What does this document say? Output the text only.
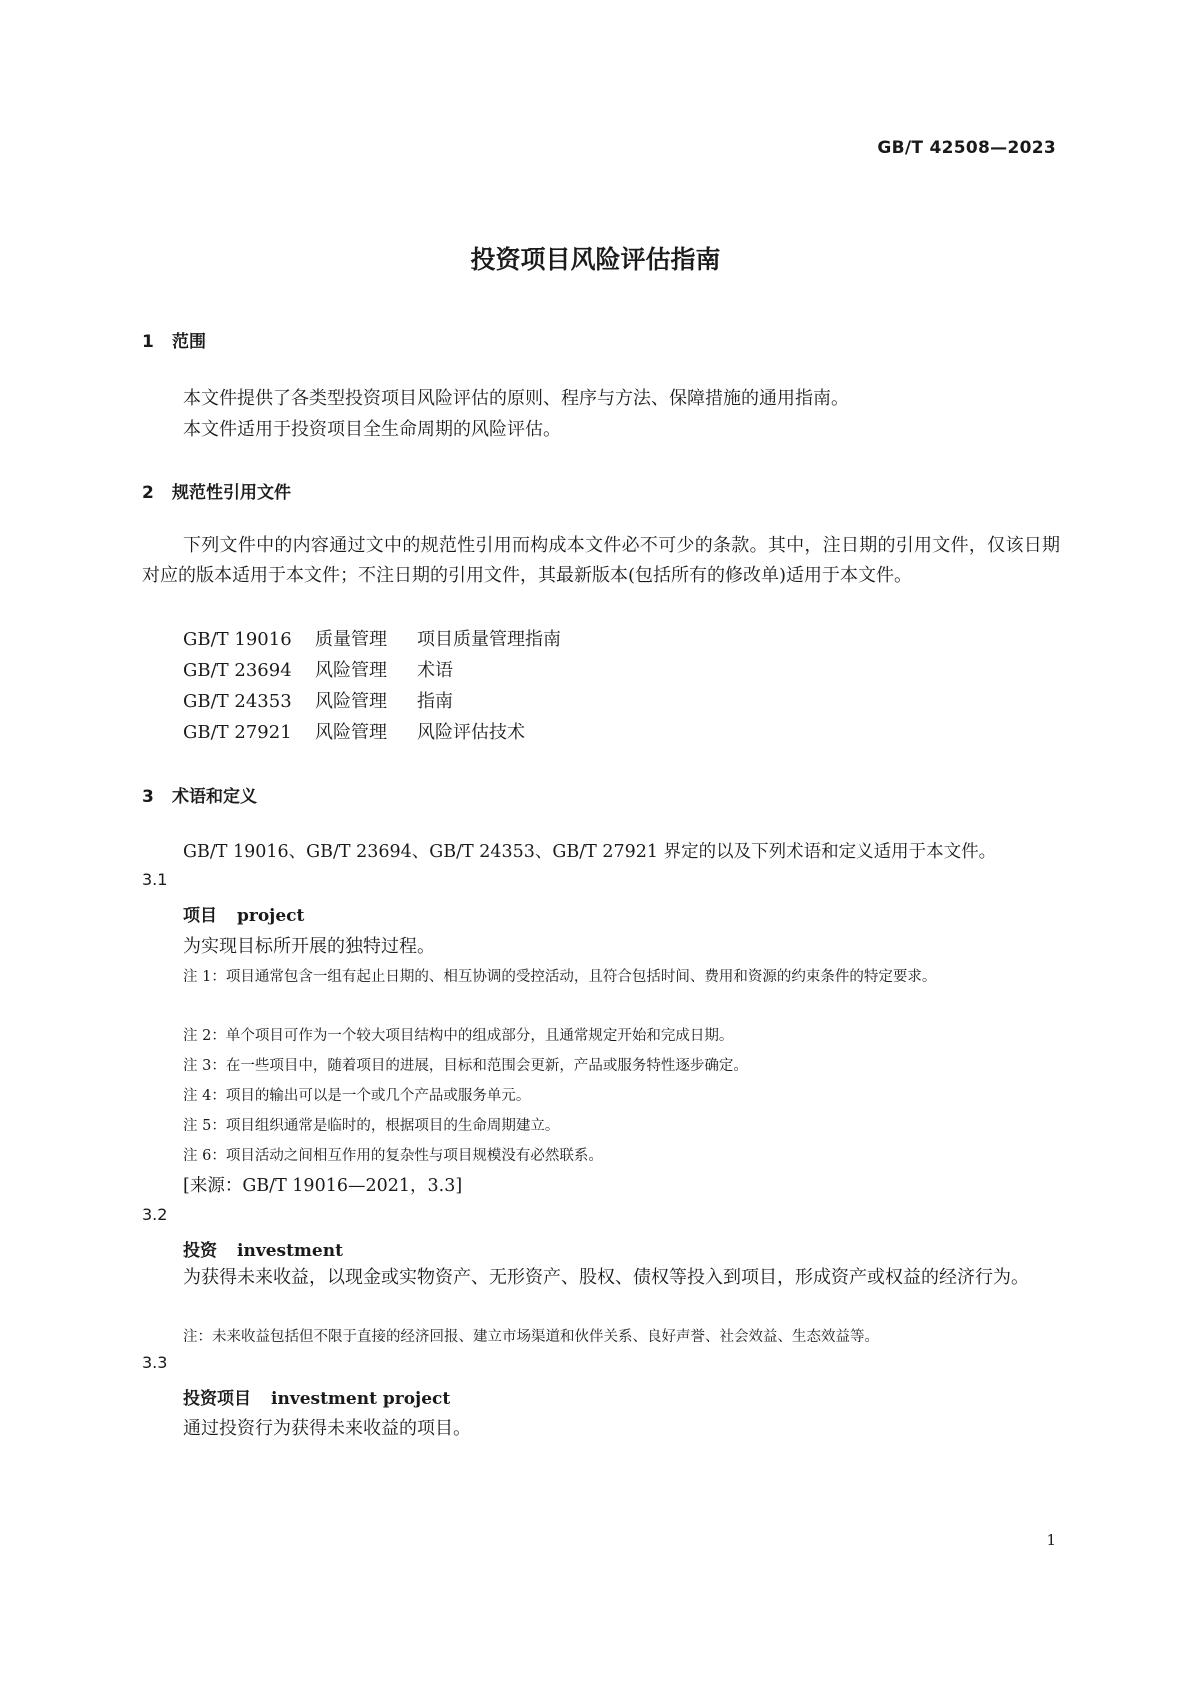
GB/T 42508—2023
投资项目风险评估指南
1 范围
本文件提供了各类型投资项目风险评估的原则、程序与方法、保障措施的通用指南。
本文件适用于投资项目全生命周期的风险评估。
2 规范性引用文件
下列文件中的内容通过文中的规范性引用而构成本文件必不可少的条款。其中，注日期的引用文件，仅该日期对应的版本适用于本文件；不注日期的引用文件，其最新版本(包括所有的修改单)适用于本文件。
GB/T 19016 质量管理 项目质量管理指南
GB/T 23694 风险管理 术语
GB/T 24353 风险管理 指南
GB/T 27921 风险管理 风险评估技术
3 术语和定义
GB/T 19016、GB/T 23694、GB/T 24353、GB/T 27921 界定的以及下列术语和定义适用于本文件。
3.1
项目 project
为实现目标所开展的独特过程。
注 1：项目通常包含一组有起止日期的、相互协调的受控活动，且符合包括时间、费用和资源的约束条件的特定要求。
注 2：单个项目可作为一个较大项目结构中的组成部分，且通常规定开始和完成日期。
注 3：在一些项目中，随着项目的进展，目标和范围会更新，产品或服务特性逐步确定。
注 4：项目的输出可以是一个或几个产品或服务单元。
注 5：项目组织通常是临时的，根据项目的生命周期建立。
注 6：项目活动之间相互作用的复杂性与项目规模没有必然联系。
[来源：GB/T 19016—2021，3.3]
3.2
投资 investment
为获得未来收益，以现金或实物资产、无形资产、股权、债权等投入到项目，形成资产或权益的经济行为。
注：未来收益包括但不限于直接的经济回报、建立市场渠道和伙伴关系、良好声誉、社会效益、生态效益等。
3.3
投资项目 investment project
通过投资行为获得未来收益的项目。
1
